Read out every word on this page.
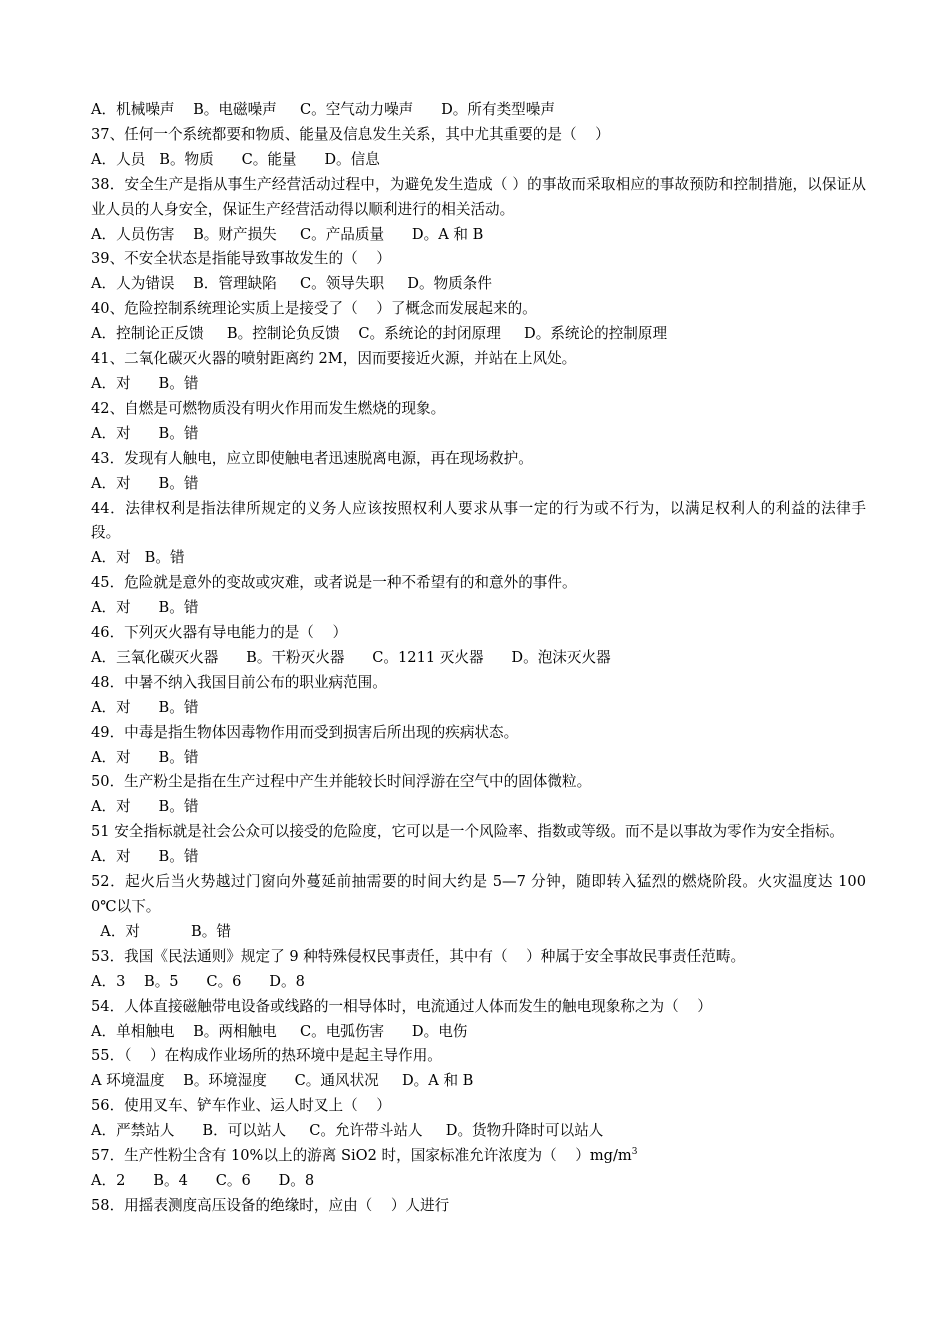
A．机械噪声    B。电磁噪声     C。空气动力噪声      D。所有类型噪声

37、任何一个系统都要和物质、能量及信息发生关系，其中尤其重要的是（    ）

A．人员   B。物质      C。能量      D。信息

38．安全生产是指从事生产经营活动过程中，为避免发生造成（ ）的事故而采取相应的事故预防和控制措施，以保证从业人员的人身安全，保证生产经营活动得以顺利进行的相关活动。

A．人员伤害    B。财产损失     C。产品质量      D。A 和 B

39、不安全状态是指能导致事故发生的（    ）

A．人为错误    B．管理缺陷     C。领导失职     D。物质条件

40、危险控制系统理论实质上是接受了（    ）了概念而发展起来的。

A．控制论正反馈     B。控制论负反馈    C。系统论的封闭原理     D。系统论的控制原理

41、二氧化碳灭火器的喷射距离约 2M，因而要接近火源，并站在上风处。

A．对      B。错

42、自燃是可燃物质没有明火作用而发生燃烧的现象。

A．对      B。错

43．发现有人触电，应立即使触电者迅速脱离电源，再在现场救护。

A．对      B。错

44．法律权利是指法律所规定的义务人应该按照权利人要求从事一定的行为或不行为，以满足权利人的利益的法律手段。

A．对   B。错

45．危险就是意外的变故或灾难，或者说是一种不希望有的和意外的事件。

A．对      B。错

46．下列灭火器有导电能力的是（    ）

A．三氧化碳灭火器      B。干粉灭火器      C。1211 灭火器      D。泡沫灭火器

48．中暑不纳入我国目前公布的职业病范围。

A．对      B。错

49．中毒是指生物体因毒物作用而受到损害后所出现的疾病状态。

A．对      B。错

50．生产粉尘是指在生产过程中产生并能较长时间浮游在空气中的固体微粒。

A．对      B。错

51 安全指标就是社会公众可以接受的危险度，它可以是一个风险率、指数或等级。而不是以事故为零作为安全指标。

A．对      B。错

52．起火后当火势越过门窗向外蔓延前抽需要的时间大约是 5—7 分钟，随即转入猛烈的燃烧阶段。火灾温度达 1000℃以下。

A．对           B。错

53．我国《民法通则》规定了 9 种特殊侵权民事责任，其中有（    ）种属于安全事故民事责任范畴。

A．3    B。5      C。6      D。8

54．人体直接磁触带电设备或线路的一相导体时，电流通过人体而发生的触电现象称之为（    ）

A．单相触电    B。两相触电     C。电弧伤害      D。电伤

55．（    ）在构成作业场所的热环境中是起主导作用。

A 环境温度    B。环境湿度      C。通风状况     D。A 和 B

56．使用叉车、铲车作业、运人时叉上（    ）

A．严禁站人      B．可以站人     C。允许带斗站人     D。货物升降时可以站人

57．生产性粉尘含有 10%以上的游离 SiO2 时，国家标准允许浓度为（    ）$mg/m^3$

A．2      B。4      C。6      D。8

58．用摇表测度高压设备的绝缘时，应由（    ）人进行
